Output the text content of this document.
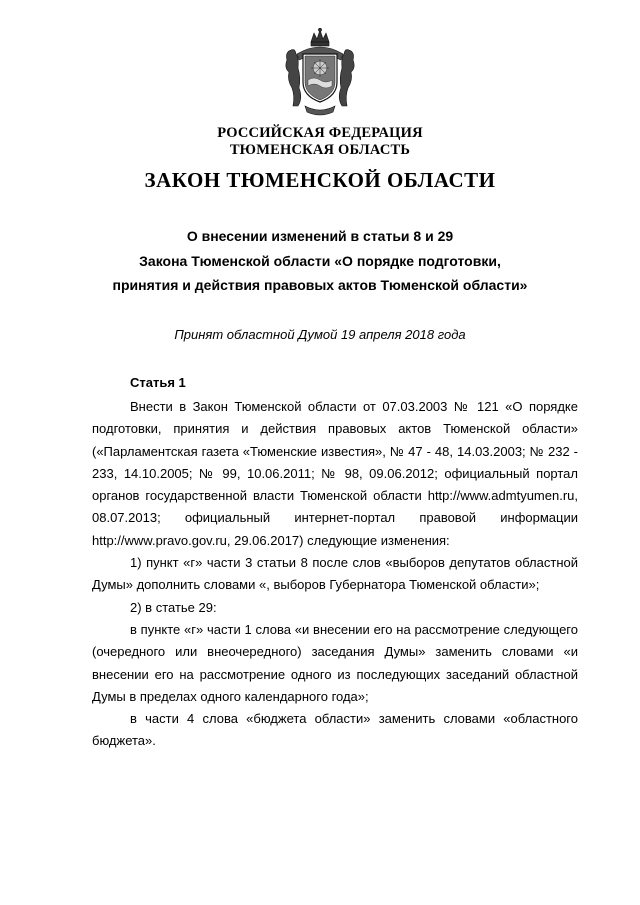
РОССИЙСКАЯ ФЕДЕРАЦИЯ
ТЮМЕНСКАЯ ОБЛАСТЬ
ЗАКОН ТЮМЕНСКОЙ ОБЛАСТИ
О внесении изменений в статьи 8 и 29
Закона Тюменской области «О порядке подготовки,
принятия и действия правовых актов Тюменской области»
Принят областной Думой 19 апреля 2018 года
Статья 1

Внести в Закон Тюменской области от 07.03.2003 № 121 «О порядке подготовки, принятия и действия правовых актов Тюменской области» («Парламентская газета «Тюменские известия», № 47 - 48, 14.03.2003; № 232 - 233, 14.10.2005; № 99, 10.06.2011; № 98, 09.06.2012; официальный портал органов государственной власти Тюменской области http://www.admtyumen.ru, 08.07.2013; официальный интернет-портал правовой информации http://www.pravo.gov.ru, 29.06.2017) следующие изменения:

1) пункт «г» части 3 статьи 8 после слов «выборов депутатов областной Думы» дополнить словами «, выборов Губернатора Тюменской области»;

2) в статье 29:

в пункте «г» части 1 слова «и внесении его на рассмотрение следующего (очередного или внеочередного) заседания Думы» заменить словами «и внесении его на рассмотрение одного из последующих заседаний областной Думы в пределах одного календарного года»;

в части 4 слова «бюджета области» заменить словами «областного бюджета».
